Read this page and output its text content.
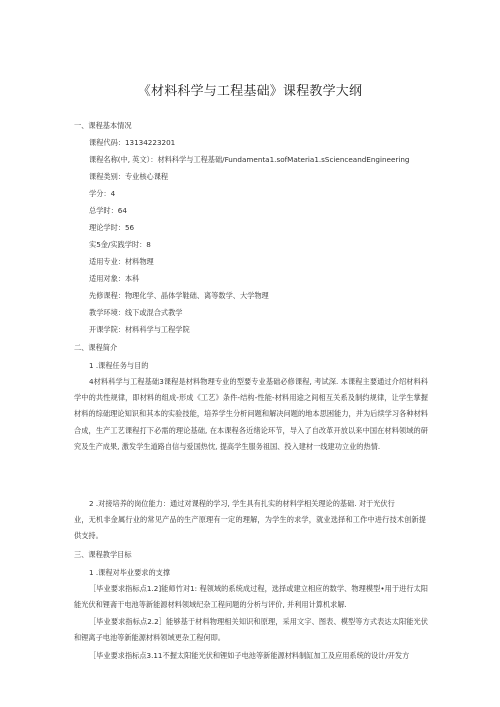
《材料科学与工程基础》课程教学大纲
一、课程基本情况
课程代码：13134223201
课程名称(中, 英文）：材料科学与工程基础/Fundamenta1.sofMateria1.sScienceandEngineering
课程类别：专业核心课程
学分：4
总学时：64
理论学时：56
实5金/实践学时：8
适用专业：材料物理
适用对象：本科
先修课程：物理化学、晶体学鞋础、离等数学、大学物理
教学环境：线下或混合式教学
开课学院：材料科学与工程学院
二、课程简介
1 .课程任务与目的
4材料科学与工程基础3课程是材料物理专业的型要专业基础必修课程, 考试深. 本课程主要通过介绍材料科学中的共性规律，即材料的组成-形成《工艺》条件-结构-性能-材料用途之间相互关系及制约规律，让学生掌握材料的综础理论知识和其本的实验技能，培养学生分析问题和解决问题的地本思困能力，并为后续学习各种材料合成，生产工艺课程打下必需的理论基础, 在本课程各近绪论环节，导入了自改革开放以来中国在材料领域的研究及生产成果, 激发学生道路自信与爱国热忱, 提高学生服务祖国、投入建材一线建功立业的热情.
2 .对接培养的岗位能力：通过对课程的学习, 学生具有扎实的材料学相关理论的基础. 对于光伏行
业，无机非金属行业的常见产品的生产原理有一定的理解，为学生的求学，就业选择和工作中进行技术创新提供支持。
三、课程教学目标
1 .课程对毕业要求的支撑
［毕业要求指标点1.2]能师竹对1: 程领域的系统成过程，选择或建立相应的数学、物理模型•用于进行太阳能光伏和锂斋干电池等新能源材料领域纪杂工程问题的分析与评价, 并利用计算机求解.
［毕业要求指标点2.2］能够基于材料物理相关知识和原理，采用文字、图表、模型等方式表达太阳能光伏和锂离子电池等新能源材料领域更杂工程何即。
［毕业要求指标点3.11不握太阳能光伏和锂如子电池等新能源材料制缸加工及应用系统的设计/开发方
